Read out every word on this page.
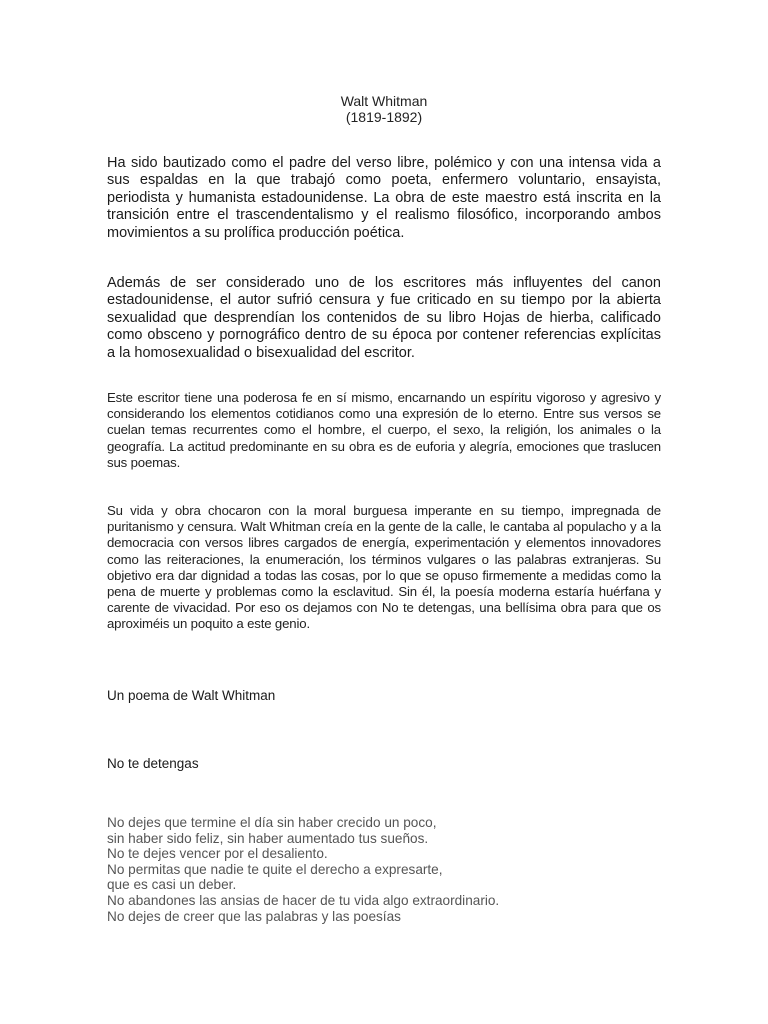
Walt Whitman
(1819-1892)

Ha sido bautizado como el padre del verso libre, polémico y con una intensa vida a sus espaldas en la que trabajó como poeta, enfermero voluntario, ensayista, periodista y humanista estadounidense. La obra de este maestro está inscrita en la transición entre el trascendentalismo y el realismo filosófico, incorporando ambos movimientos a su prolífica producción poética.

Además de ser considerado uno de los escritores más influyentes del canon estadounidense, el autor sufrió censura y fue criticado en su tiempo por la abierta sexualidad que desprendían los contenidos de su libro Hojas de hierba, calificado como obsceno y pornográfico dentro de su época por contener referencias explícitas a la homosexualidad o bisexualidad del escritor.

Este escritor tiene una poderosa fe en sí mismo, encarnando un espíritu vigoroso y agresivo y considerando los elementos cotidianos como una expresión de lo eterno. Entre sus versos se cuelan temas recurrentes como el hombre, el cuerpo, el sexo, la religión, los animales o la geografía. La actitud predominante en su obra es de euforia y alegría, emociones que traslucen sus poemas.

Su vida y obra chocaron con la moral burguesa imperante en su tiempo, impregnada de puritanismo y censura. Walt Whitman creía en la gente de la calle, le cantaba al populacho y a la democracia con versos libres cargados de energía, experimentación y elementos innovadores como las reiteraciones, la enumeración, los términos vulgares o las palabras extranjeras. Su objetivo era dar dignidad a todas las cosas, por lo que se opuso firmemente a medidas como la pena de muerte y problemas como la esclavitud. Sin él, la poesía moderna estaría huérfana y carente de vivacidad. Por eso os dejamos con No te detengas, una bellísima obra para que os aproximéis un poquito a este genio.

Un poema de Walt Whitman
No te detengas
No dejes que termine el día sin haber crecido un poco,
sin haber sido feliz, sin haber aumentado tus sueños.
No te dejes vencer por el desaliento.
No permitas que nadie te quite el derecho a expresarte,
que es casi un deber.
No abandones las ansias de hacer de tu vida algo extraordinario.
No dejes de creer que las palabras y las poesías
